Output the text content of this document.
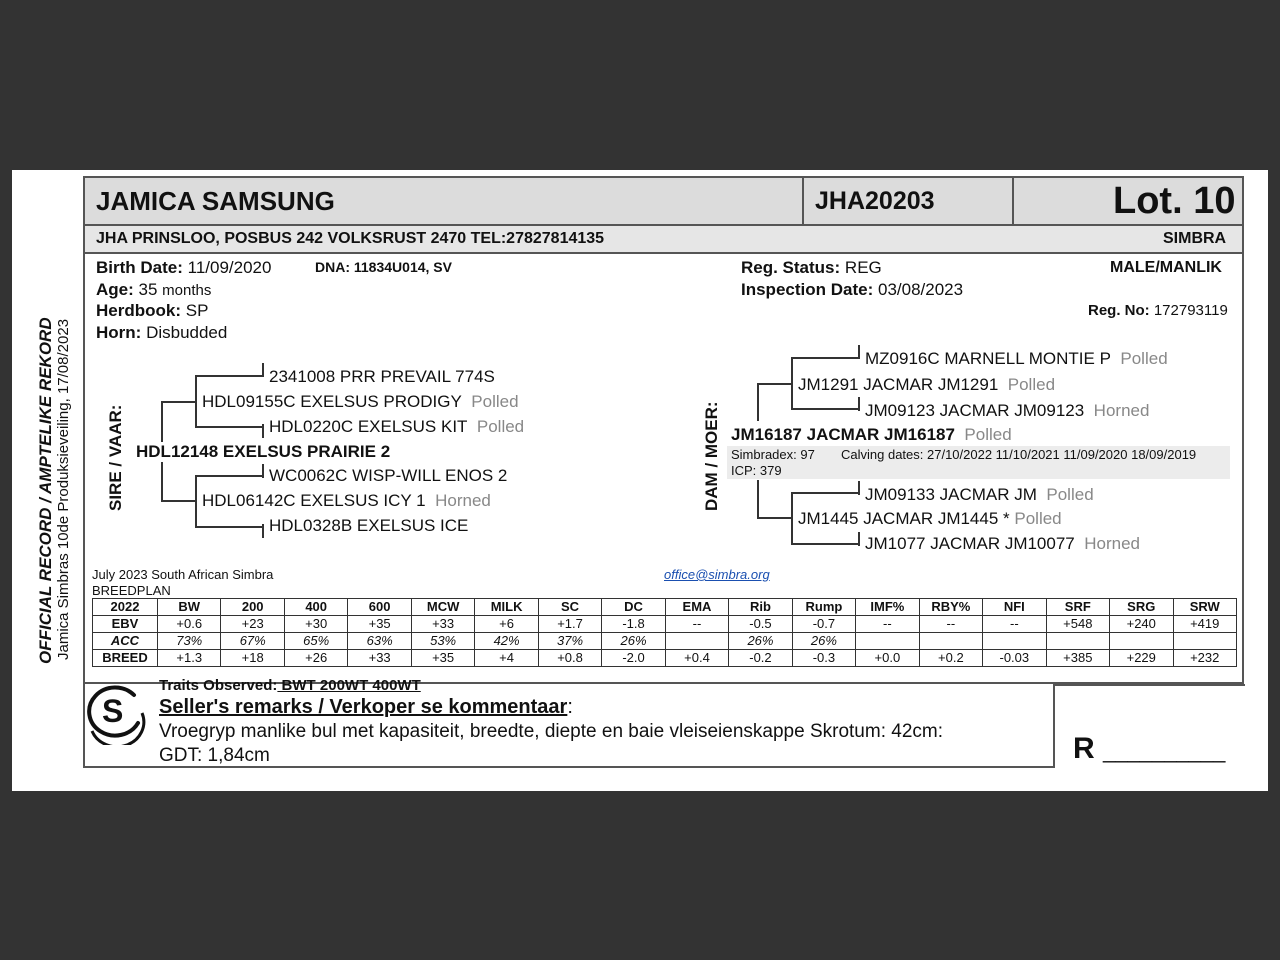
OFFICIAL RECORD / AMPTELIKE REKORD Jamica Simbras 10de Produksieveiling, 17/08/2023
JAMICA SAMSUNG	JHA20203	Lot. 10
JHA PRINSLOO, POSBUS 242 VOLKSRUST 2470 TEL:27827814135	SIMBRA
Birth Date: 11/09/2020	DNA: 11834U014, SV
Age: 35 months
Herdbook: SP
Horn: Disbudded
Reg. Status: REG
Inspection Date: 03/08/2023
MALE/MANLIK
Reg. No: 172793119
SIRE / VAAR:
2341008 PRR PREVAIL 774S
HDL09155C EXELSUS PRODIGY Polled
HDL0220C EXELSUS KIT Polled
HDL12148 EXELSUS PRAIRIE 2
WC0062C WISP-WILL ENOS 2
HDL06142C EXELSUS ICY 1 Horned
HDL0328B EXELSUS ICE
DAM / MOER:
MZ0916C MARNELL MONTIE P Polled
JM1291 JACMAR JM1291 Polled
JM09123 JACMAR JM09123 Horned
JM16187 JACMAR JM16187 Polled
Simbradex: 97 Calving dates: 27/10/2022 11/10/2021 11/09/2020 18/09/2019
ICP: 379
JM09133 JACMAR JM Polled
JM1445 JACMAR JM1445 * Polled
JM1077 JACMAR JM10077 Horned
July 2023 South African Simbra
BREEDPLAN
office@simbra.org
2022	BW	200	400	600	MCW	MILK	SC	DC	EMA	Rib	Rump	IMF%	RBY%	NFI	SRF	SRG	SRW
EBV	+0.6	+23	+30	+35	+33	+6	+1.7	-1.8	--	-0.5	-0.7	--	--	--	+548	+240	+419
ACC	73%	67%	65%	63%	53%	42%	37%	26%		26%	26%						
BREED	+1.3	+18	+26	+33	+35	+4	+0.8	-2.0	+0.4	-0.2	-0.3	+0.0	+0.2	-0.03	+385	+229	+232
S
Traits Observed: BWT 200WT 400WT
Seller's remarks / Verkoper se kommentaar:
Vroegryp manlike bul met kapasiteit, breedte, diepte en baie vleiseienskappe Skrotum: 42cm:
GDT: 1,84cm	R __________
